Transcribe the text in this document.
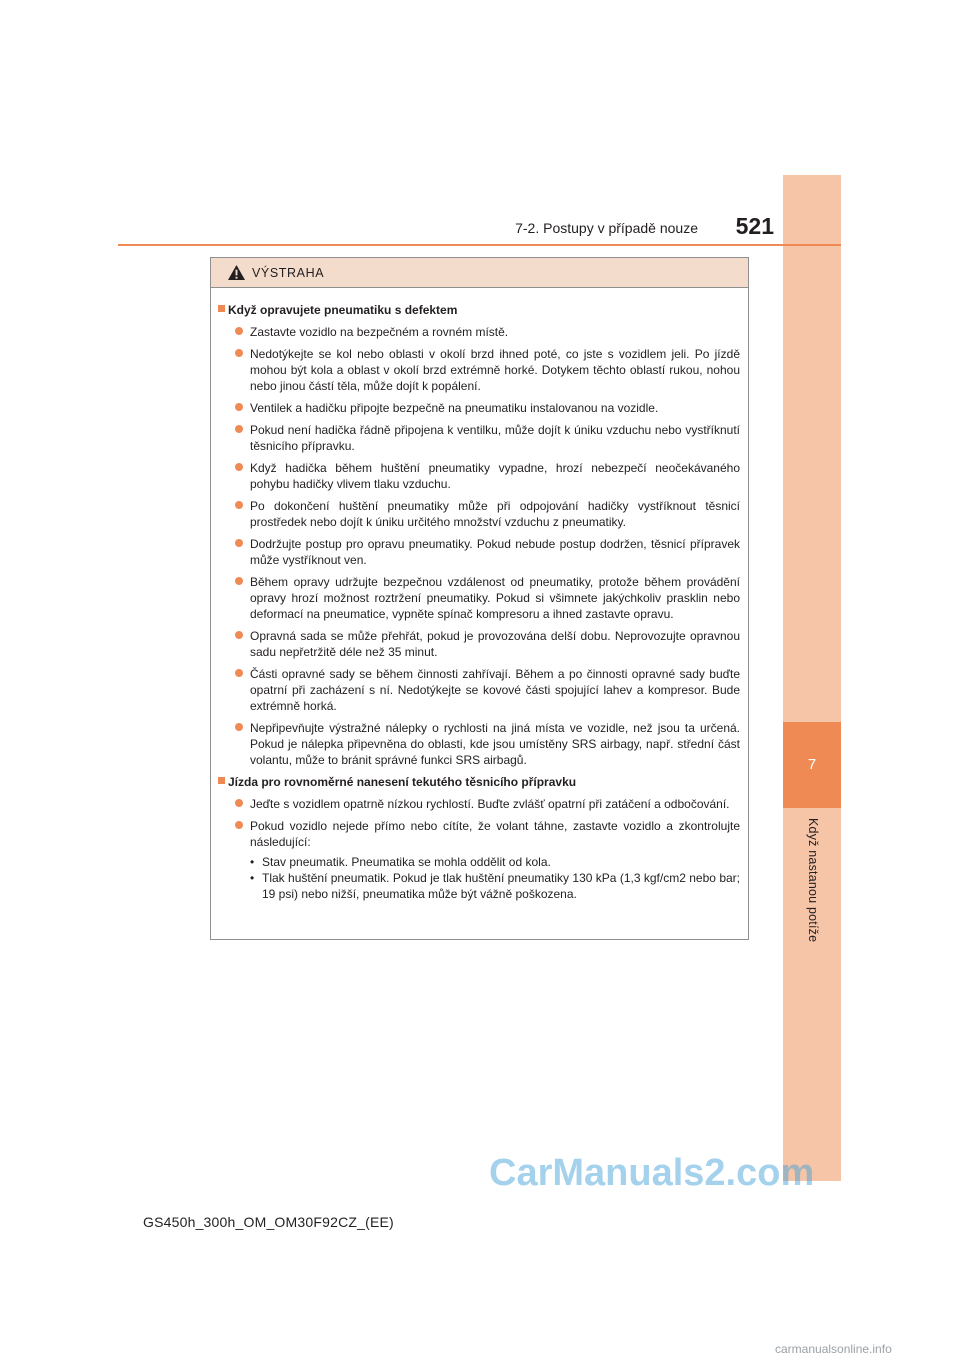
7
Když nastanou potíže
7-2. Postupy v případě nouze 521
VÝSTRAHA
Když opravujete pneumatiku s defektem
Zastavte vozidlo na bezpečném a rovném místě.
Nedotýkejte se kol nebo oblasti v okolí brzd ihned poté, co jste s vozidlem jeli. Po jízdě mohou být kola a oblast v okolí brzd extrémně horké. Dotykem těchto oblastí rukou, nohou nebo jinou částí těla, může dojít k popálení.
Ventilek a hadičku připojte bezpečně na pneumatiku instalovanou na vozidle.
Pokud není hadička řádně připojena k ventilku, může dojít k úniku vzduchu nebo vystříknutí těsnicího přípravku.
Když hadička během huštění pneumatiky vypadne, hrozí nebezpečí neočekávaného pohybu hadičky vlivem tlaku vzduchu.
Po dokončení huštění pneumatiky může při odpojování hadičky vystříknout těsnicí prostředek nebo dojít k úniku určitého množství vzduchu z pneumatiky.
Dodržujte postup pro opravu pneumatiky. Pokud nebude postup dodržen, těsnicí přípravek může vystříknout ven.
Během opravy udržujte bezpečnou vzdálenost od pneumatiky, protože během provádění opravy hrozí možnost roztržení pneumatiky. Pokud si všimnete jakýchkoliv prasklin nebo deformací na pneumatice, vypněte spínač kompresoru a ihned zastavte opravu.
Opravná sada se může přehřát, pokud je provozována delší dobu. Neprovozujte opravnou sadu nepřetržitě déle než 35 minut.
Části opravné sady se během činnosti zahřívají. Během a po činnosti opravné sady buďte opatrní při zacházení s ní. Nedotýkejte se kovové části spojující lahev a kompresor. Bude extrémně horká.
Nepřipevňujte výstražné nálepky o rychlosti na jiná místa ve vozidle, než jsou ta určená. Pokud je nálepka připevněna do oblasti, kde jsou umístěny SRS airbagy, např. střední část volantu, může to bránit správné funkci SRS airbagů.
Jízda pro rovnoměrné nanesení tekutého těsnicího přípravku
Jeďte s vozidlem opatrně nízkou rychlostí. Buďte zvlášť opatrní při zatáčení a odbočování.
Pokud vozidlo nejede přímo nebo cítíte, že volant táhne, zastavte vozidlo a zkontrolujte následující:
• Stav pneumatik. Pneumatika se mohla oddělit od kola.
• Tlak huštění pneumatik. Pokud je tlak huštění pneumatiky 130 kPa (1,3 kgf/cm2 nebo bar; 19 psi) nebo nižší, pneumatika může být vážně poškozena.
GS450h_300h_OM_OM30F92CZ_(EE)
CarManuals2.com
carmanualsonline.info
